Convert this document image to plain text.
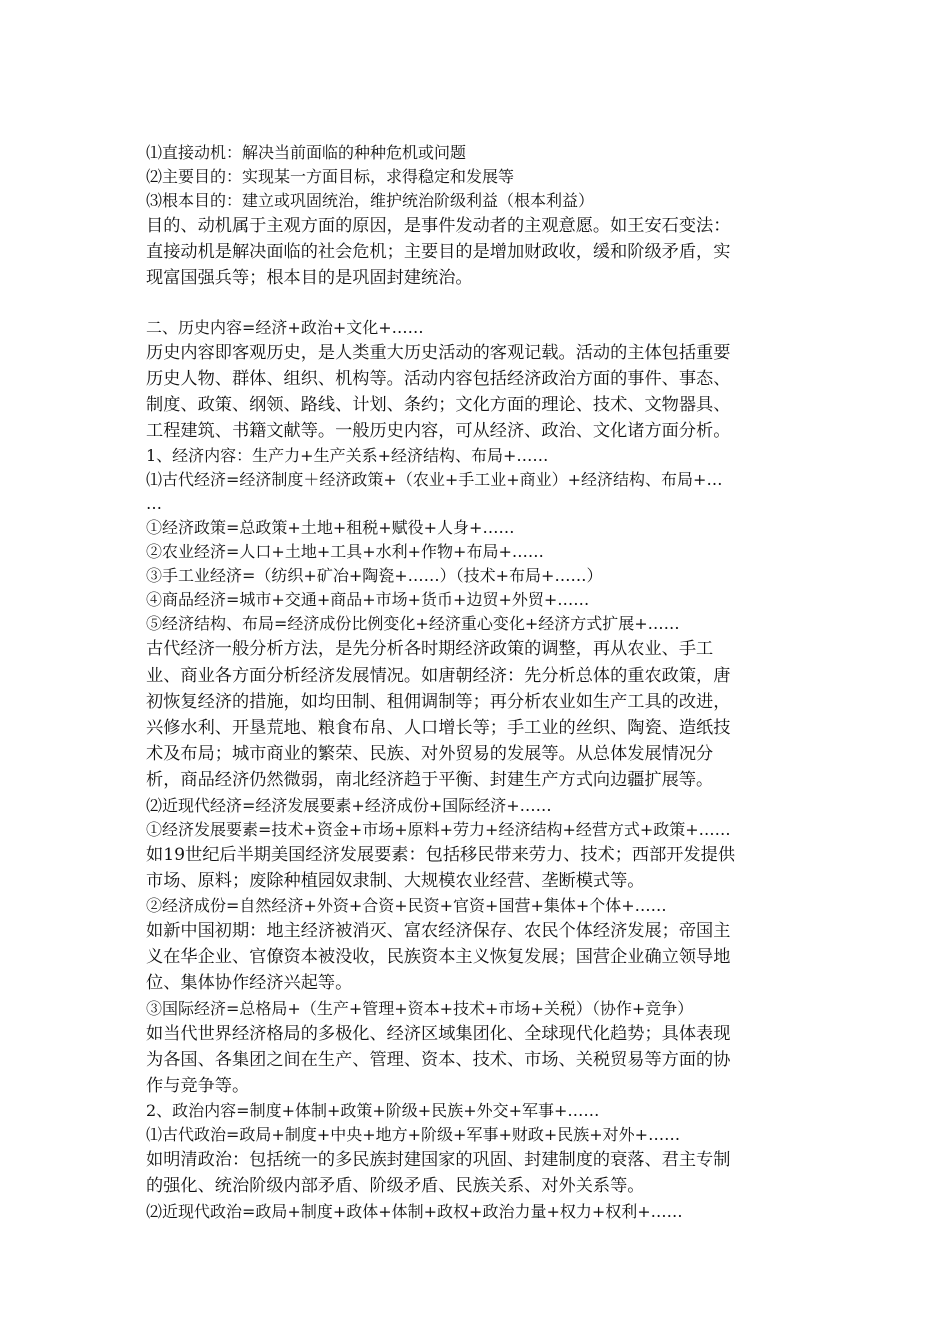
⑴直接动机：解决当前面临的种种危机或问题
⑵主要目的：实现某一方面目标，求得稳定和发展等
⑶根本目的：建立或巩固统治，维护统治阶级利益（根本利益）
目的、动机属于主观方面的原因，是事件发动者的主观意愿。如王安石变法：
直接动机是解决面临的社会危机；主要目的是增加财政收，缓和阶级矛盾，实
现富国强兵等；根本目的是巩固封建统治。
二、历史内容=经济+政治+文化+……
历史内容即客观历史，是人类重大历史活动的客观记载。活动的主体包括重要
历史人物、群体、组织、机构等。活动内容包括经济政治方面的事件、事态、
制度、政策、纲领、路线、计划、条约；文化方面的理论、技术、文物器具、
工程建筑、书籍文献等。一般历史内容，可从经济、政治、文化诸方面分析。
1、经济内容：生产力+生产关系+经济结构、布局+……
⑴古代经济=经济制度＋经济政策+（农业+手工业+商业）+经济结构、布局+…
…
①经济政策=总政策+土地+租税+赋役+人身+……
②农业经济=人口+土地+工具+水利+作物+布局+……
③手工业经济=（纺织+矿冶+陶瓷+……）（技术+布局+……）
④商品经济=城市+交通+商品+市场+货币+边贸+外贸+……
⑤经济结构、布局=经济成份比例变化+经济重心变化+经济方式扩展+……
古代经济一般分析方法，是先分析各时期经济政策的调整，再从农业、手工
业、商业各方面分析经济发展情况。如唐朝经济：先分析总体的重农政策，唐
初恢复经济的措施，如均田制、租佣调制等；再分析农业如生产工具的改进，
兴修水利、开垦荒地、粮食布帛、人口增长等；手工业的丝织、陶瓷、造纸技
术及布局；城市商业的繁荣、民族、对外贸易的发展等。从总体发展情况分
析，商品经济仍然微弱，南北经济趋于平衡、封建生产方式向边疆扩展等。
⑵近现代经济=经济发展要素+经济成份+国际经济+……
①经济发展要素=技术+资金+市场+原料+劳力+经济结构+经营方式+政策+……
如19世纪后半期美国经济发展要素：包括移民带来劳力、技术；西部开发提供
市场、原料；废除种植园奴隶制、大规模农业经营、垄断模式等。
②经济成份=自然经济+外资+合资+民资+官资+国营+集体+个体+……
如新中国初期：地主经济被消灭、富农经济保存、农民个体经济发展；帝国主
义在华企业、官僚资本被没收，民族资本主义恢复发展；国营企业确立领导地
位、集体协作经济兴起等。
③国际经济=总格局+（生产+管理+资本+技术+市场+关税）（协作+竞争）
如当代世界经济格局的多极化、经济区域集团化、全球现代化趋势；具体表现
为各国、各集团之间在生产、管理、资本、技术、市场、关税贸易等方面的协
作与竞争等。
2、政治内容=制度+体制+政策+阶级+民族+外交+军事+……
⑴古代政治=政局+制度+中央+地方+阶级+军事+财政+民族+对外+……
如明清政治：包括统一的多民族封建国家的巩固、封建制度的衰落、君主专制
的强化、统治阶级内部矛盾、阶级矛盾、民族关系、对外关系等。
⑵近现代政治=政局+制度+政体+体制+政权+政治力量+权力+权利+……
